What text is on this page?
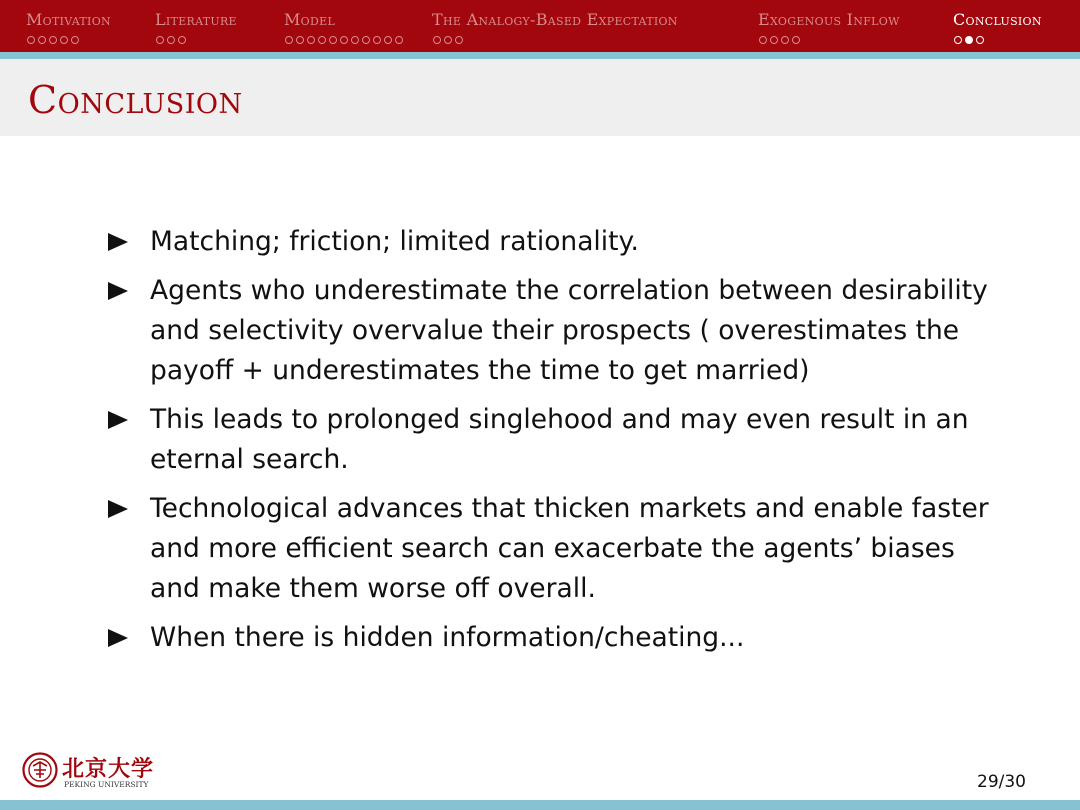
Motivation	Literature	Model	The Analogy-Based Expectation	Exogenous Inflow	Conclusion
Conclusion
Matching; friction; limited rationality.
Agents who underestimate the correlation between desirability and selectivity overvalue their prospects ( overestimates the payoff + underestimates the time to get married)
This leads to prolonged singlehood and may even result in an eternal search.
Technological advances that thicken markets and enable faster and more efficient search can exacerbate the agents’ biases and make them worse off overall.
When there is hidden information/cheating...
北京大学
PEKING UNIVERSITY	29/30
